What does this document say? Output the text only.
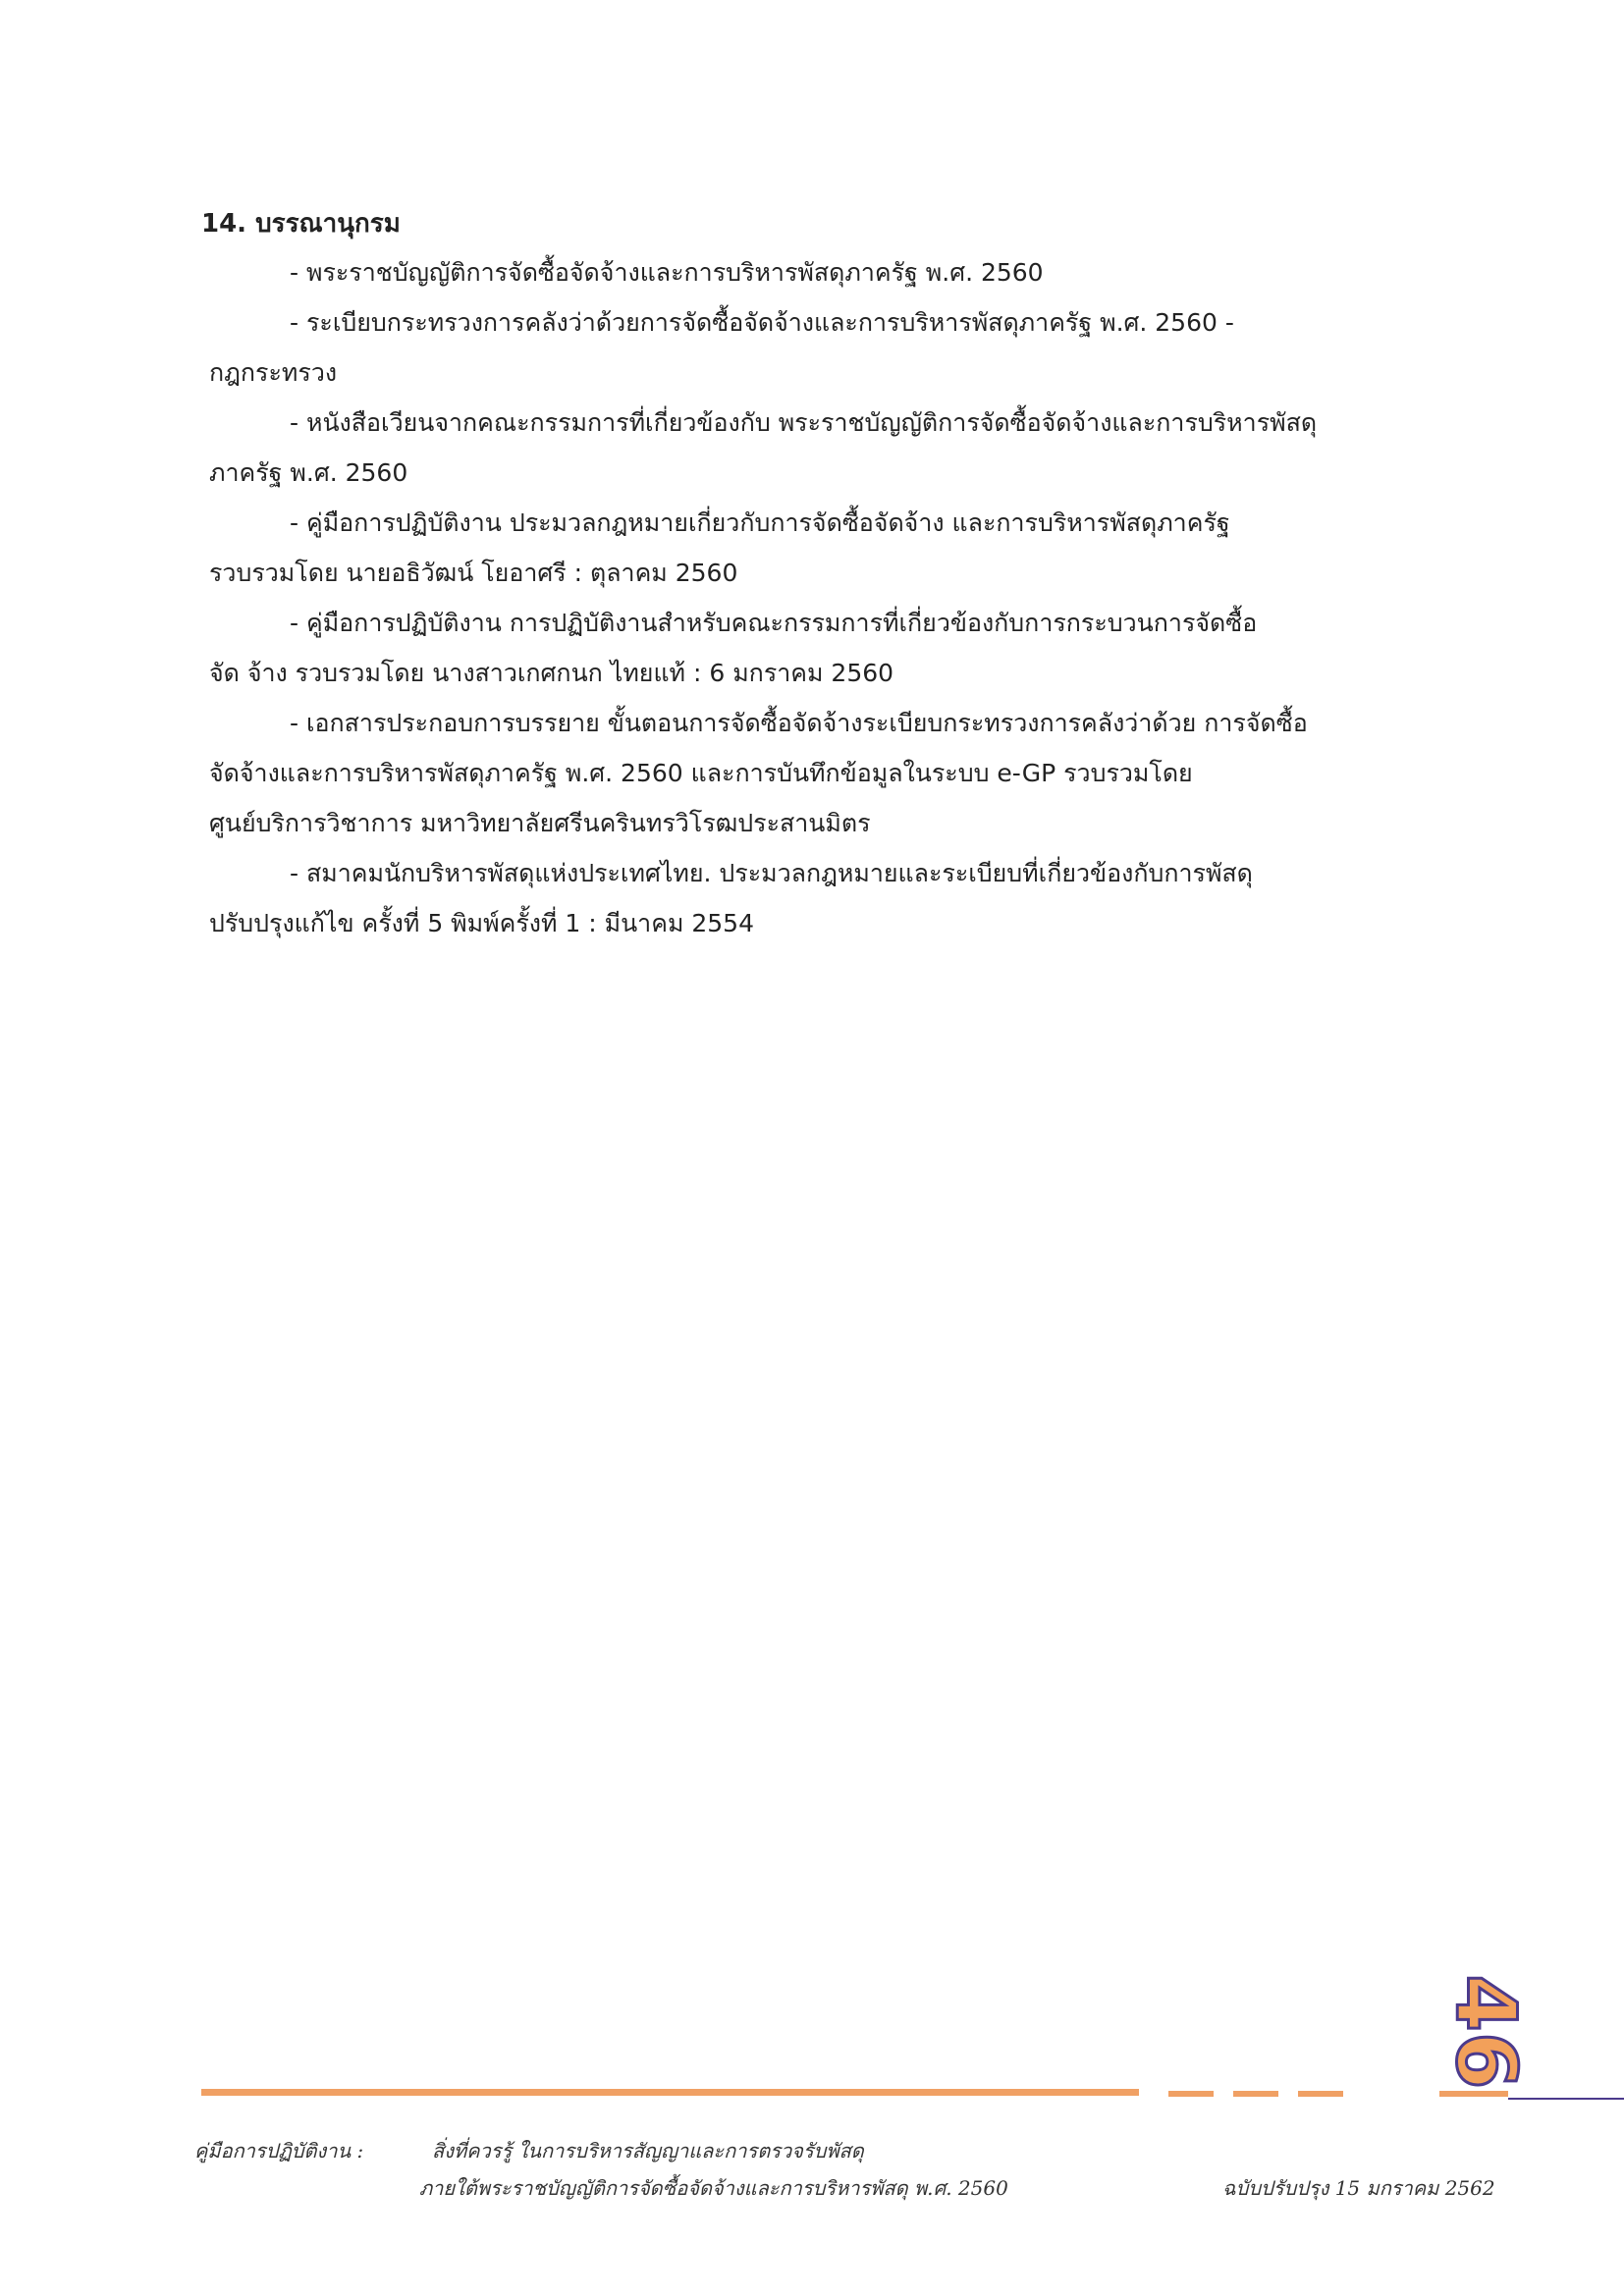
14. บรรณานุกรม
- พระราชบัญญัติการจัดซื้อจัดจ้างและการบริหารพัสดุภาครัฐ พ.ศ. 2560
- ระเบียบกระทรวงการคลังว่าด้วยการจัดซื้อจัดจ้างและการบริหารพัสดุภาครัฐ พ.ศ. 2560 -
กฎกระทรวง
- หนังสือเวียนจากคณะกรรมการที่เกี่ยวข้องกับ พระราชบัญญัติการจัดซื้อจัดจ้างและการบริหารพัสดุ
ภาครัฐ พ.ศ. 2560
- คู่มือการปฏิบัติงาน ประมวลกฎหมายเกี่ยวกับการจัดซื้อจัดจ้าง และการบริหารพัสดุภาครัฐ
รวบรวมโดย นายอธิวัฒน์ โยอาศรี : ตุลาคม 2560
- คู่มือการปฏิบัติงาน การปฏิบัติงานสำหรับคณะกรรมการที่เกี่ยวข้องกับการกระบวนการจัดซื้อ
จัด จ้าง รวบรวมโดย นางสาวเกศกนก ไทยแท้ : 6 มกราคม 2560
- เอกสารประกอบการบรรยาย ขั้นตอนการจัดซื้อจัดจ้างระเบียบกระทรวงการคลังว่าด้วย การจัดซื้อ
จัดจ้างและการบริหารพัสดุภาครัฐ พ.ศ. 2560 และการบันทึกข้อมูลในระบบ e-GP รวบรวมโดย
ศูนย์บริการวิชาการ มหาวิทยาลัยศรีนครินทรวิโรฒประสานมิตร
- สมาคมนักบริหารพัสดุแห่งประเทศไทย. ประมวลกฎหมายและระเบียบที่เกี่ยวข้องกับการพัสดุ
ปรับปรุงแก้ไข ครั้งที่ 5 พิมพ์ครั้งที่ 1 : มีนาคม 2554
46
คู่มือการปฏิบัติงาน :	สิ่งที่ควรรู้ ในการบริหารสัญญาและการตรวจรับพัสดุ
ภายใต้พระราชบัญญัติการจัดซื้อจัดจ้างและการบริหารพัสดุ พ.ศ. 2560	ฉบับปรับปรุง 15 มกราคม 2562
